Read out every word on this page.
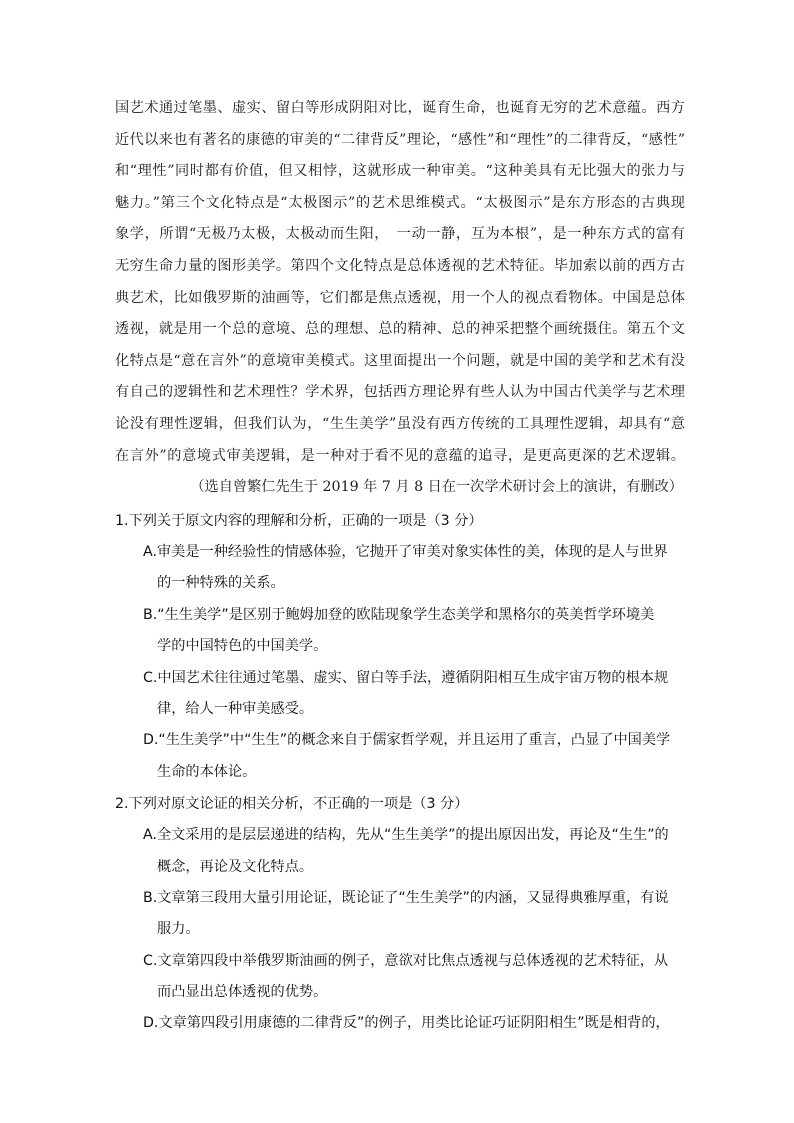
国艺术通过笔墨、虚实、留白等形成阴阳对比，诞育生命，也诞育无穷的艺术意蕴。西方
近代以来也有著名的康德的审美的“二律背反”理论，“感性”和“理性”的二律背反，“感性”
和“理性”同时都有价值，但又相悖，这就形成一种审美。“这种美具有无比强大的张力与
魅力。”第三个文化特点是“太极图示”的艺术思维模式。“太极图示”是东方形态的古典现
象学，所谓“无极乃太极，太极动而生阳，　一动一静，互为本根”，是一种东方式的富有
无穷生命力量的图形美学。第四个文化特点是总体透视的艺术特征。毕加索以前的西方古
典艺术，比如俄罗斯的油画等，它们都是焦点透视，用一个人的视点看物体。中国是总体
透视，就是用一个总的意境、总的理想、总的精神、总的神采把整个画统摄住。第五个文
化特点是“意在言外”的意境审美模式。这里面提出一个问题，就是中国的美学和艺术有没
有自己的逻辑性和艺术理性？学术界，包括西方理论界有些人认为中国古代美学与艺术理
论没有理性逻辑，但我们认为，“生生美学”虽没有西方传统的工具理性逻辑，却具有“意
在言外”的意境式审美逻辑，是一种对于看不见的意蕴的追寻，是更高更深的艺术逻辑。
（选自曾繁仁先生于 2019 年 7 月 8 日在一次学术研讨会上的演讲，有删改）
1.下列关于原文内容的理解和分析，正确的一项是（3 分）
A.审美是一种经验性的情感体验，它抛开了审美对象实体性的美，体现的是人与世界
的一种特殊的关系。
B.“生生美学”是区别于鲍姆加登的欧陆现象学生态美学和黑格尔的英美哲学环境美
学的中国特色的中国美学。
C.中国艺术往往通过笔墨、虚实、留白等手法，遵循阴阳相互生成宇宙万物的根本规
律，给人一种审美感受。
D.“生生美学”中“生生”的概念来自于儒家哲学观，并且运用了重言，凸显了中国美学
生命的本体论。
2.下列对原文论证的相关分析，不正确的一项是（3 分）
A.全文采用的是层层递进的结构，先从“生生美学”的提出原因出发，再论及“生生”的
概念，再论及文化特点。
B.文章第三段用大量引用论证，既论证了“生生美学”的内涵，又显得典雅厚重，有说
服力。
C.文章第四段中举俄罗斯油画的例子，意欲对比焦点透视与总体透视的艺术特征，从
而凸显出总体透视的优势。
D.文章第四段引用康德的二律背反”的例子，用类比论证巧证阴阳相生”既是相背的，
